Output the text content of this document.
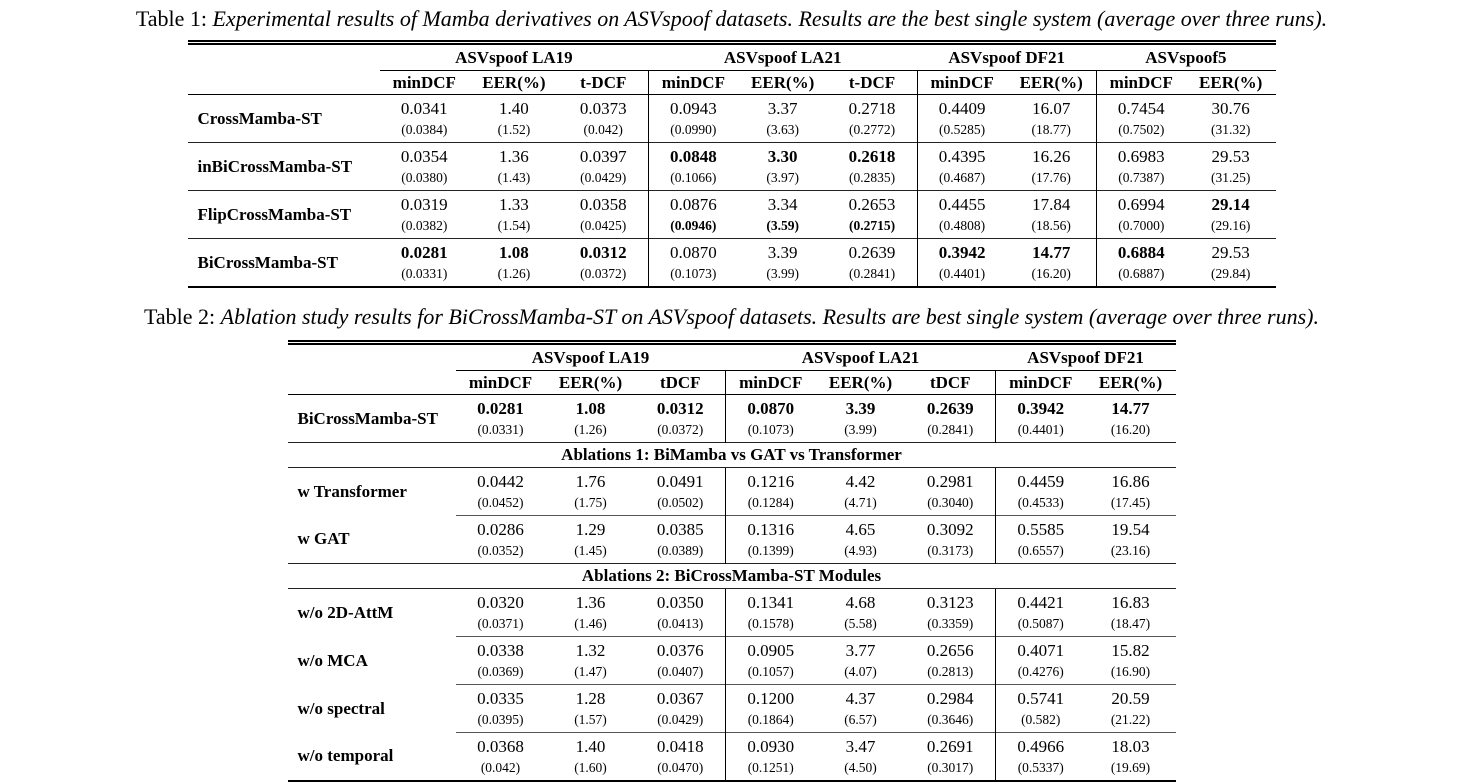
Table 1: Experimental results of Mamba derivatives on ASVspoof datasets. Results are the best single system (average over three runs).
	ASVspoof LA19			ASVspoof LA21			ASVspoof DF21		ASVspoof5	
	minDCF	EER(%)	t-DCF	minDCF	EER(%)	t-DCF	minDCF	EER(%)	minDCF	EER(%)
CrossMamba-ST	0.0341	1.40	0.0373	0.0943	3.37	0.2718	0.4409	16.07	0.7454	30.76
	(0.0384)	(1.52)	(0.042)	(0.0990)	(3.63)	(0.2772)	(0.5285)	(18.77)	(0.7502)	(31.32)
inBiCrossMamba-ST	0.0354	1.36	0.0397	0.0848	3.30	0.2618	0.4395	16.26	0.6983	29.53
	(0.0380)	(1.43)	(0.0429)	(0.1066)	(3.97)	(0.2835)	(0.4687)	(17.76)	(0.7387)	(31.25)
FlipCrossMamba-ST	0.0319	1.33	0.0358	0.0876	3.34	0.2653	0.4455	17.84	0.6994	29.14
	(0.0382)	(1.54)	(0.0425)	(0.0946)	(3.59)	(0.2715)	(0.4808)	(18.56)	(0.7000)	(29.16)
BiCrossMamba-ST	0.0281	1.08	0.0312	0.0870	3.39	0.2639	0.3942	14.77	0.6884	29.53
	(0.0331)	(1.26)	(0.0372)	(0.1073)	(3.99)	(0.2841)	(0.4401)	(16.20)	(0.6887)	(29.84)
Table 2: Ablation study results for BiCrossMamba-ST on ASVspoof datasets. Results are best single system (average over three runs).
	ASVspoof LA19			ASVspoof LA21			ASVspoof DF21	
	minDCF	EER(%)	tDCF	minDCF	EER(%)	tDCF	minDCF	EER(%)
BiCrossMamba-ST	0.0281	1.08	0.0312	0.0870	3.39	0.2639	0.3942	14.77
	(0.0331)	(1.26)	(0.0372)	(0.1073)	(3.99)	(0.2841)	(0.4401)	(16.20)
Ablations 1: BiMamba vs GAT vs Transformer								
w Transformer	0.0442	1.76	0.0491	0.1216	4.42	0.2981	0.4459	16.86
	(0.0452)	(1.75)	(0.0502)	(0.1284)	(4.71)	(0.3040)	(0.4533)	(17.45)
w GAT	0.0286	1.29	0.0385	0.1316	4.65	0.3092	0.5585	19.54
	(0.0352)	(1.45)	(0.0389)	(0.1399)	(4.93)	(0.3173)	(0.6557)	(23.16)
Ablations 2: BiCrossMamba-ST Modules								
w/o 2D-AttM	0.0320	1.36	0.0350	0.1341	4.68	0.3123	0.4421	16.83
	(0.0371)	(1.46)	(0.0413)	(0.1578)	(5.58)	(0.3359)	(0.5087)	(18.47)
w/o MCA	0.0338	1.32	0.0376	0.0905	3.77	0.2656	0.4071	15.82
	(0.0369)	(1.47)	(0.0407)	(0.1057)	(4.07)	(0.2813)	(0.4276)	(16.90)
w/o spectral	0.0335	1.28	0.0367	0.1200	4.37	0.2984	0.5741	20.59
	(0.0395)	(1.57)	(0.0429)	(0.1864)	(6.57)	(0.3646)	(0.582)	(21.22)
w/o temporal	0.0368	1.40	0.0418	0.0930	3.47	0.2691	0.4966	18.03
	(0.042)	(1.60)	(0.0470)	(0.1251)	(4.50)	(0.3017)	(0.5337)	(19.69)
